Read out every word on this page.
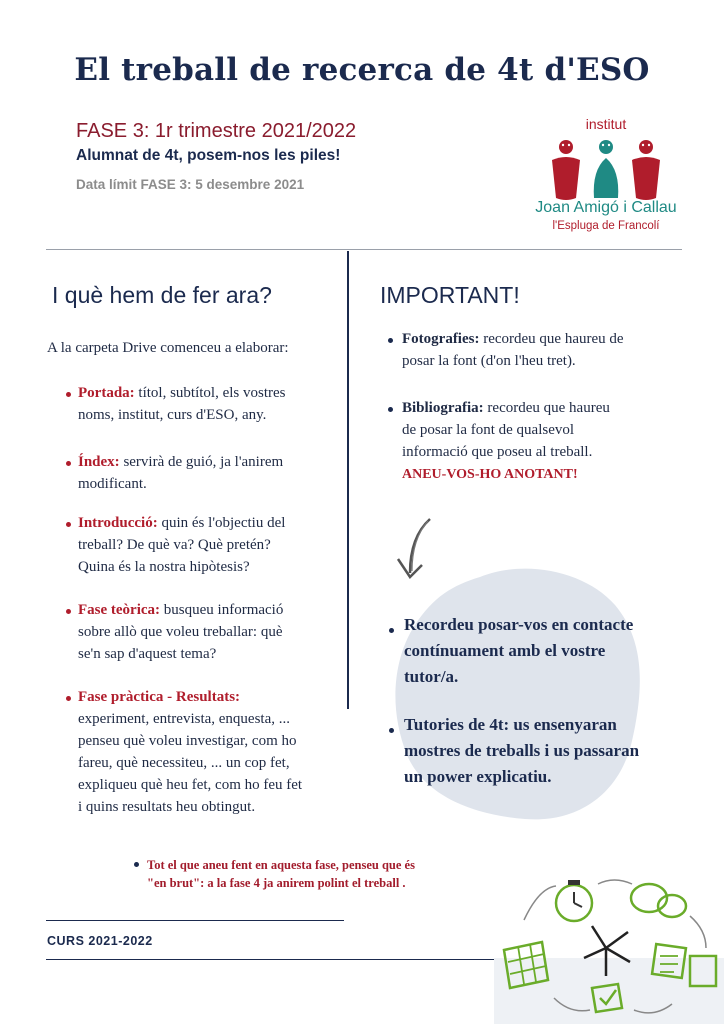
El treball de recerca de 4t d'ESO
FASE 3: 1r trimestre 2021/2022
Alumnat de 4t, posem-nos les piles!
Data límit FASE 3: 5 desembre 2021
institut
Joan Amigó i Callau
l'Espluga de Francolí
I què hem de fer ara?
A la carpeta Drive comenceu a elaborar:
Portada: títol, subtítol, els vostres
noms, institut, curs d'ESO, any.
Índex: servirà de guió, ja l'anirem
modificant.
Introducció: quin és l'objectiu del
treball? De què va? Què pretén?
Quina és la nostra hipòtesis?
Fase teòrica: busqueu informació
sobre allò que voleu treballar: què
se'n sap d'aquest tema?
Fase pràctica - Resultats:
experiment, entrevista, enquesta, ...
penseu què voleu investigar, com ho
fareu, què necessiteu, ... un cop fet,
expliqueu què heu fet, com ho feu fet
i quins resultats heu obtingut.
IMPORTANT!
Fotografies: recordeu que haureu de
posar la font (d'on l'heu tret).
Bibliografia: recordeu que haureu
de posar la font de qualsevol
informació que poseu al treball.
ANEU-VOS-HO ANOTANT!
Recordeu posar-vos en contacte
contínuament amb el vostre
tutor/a.
Tutories de 4t: us ensenyaran
mostres de treballs i us passaran
un power explicatiu.
Tot el que aneu fent en aquesta fase, penseu que és
"en brut": a la fase 4 ja anirem polint el treball .
CURS 2021-2022
